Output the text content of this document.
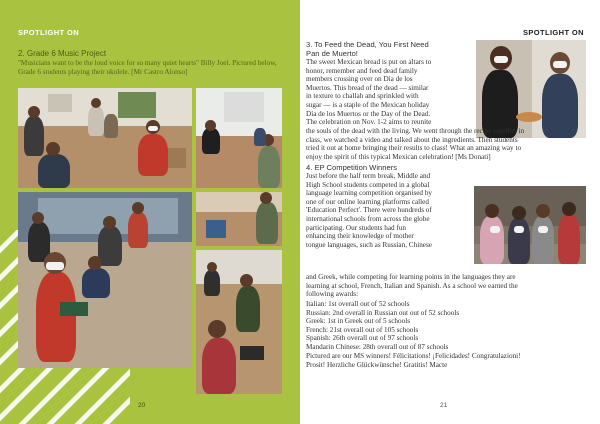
SPOTLIGHT ON
2. Grade 6 Music Project
"Musicians want to be the loud voice for so many quiet hearts" Billy Joel. Pictured below, Grade 6 students playing their ukulele. [Mr Castro Alonso]
20
SPOTLIGHT ON
3. To Feed the Dead, You First Need
Pan de Muerto!
The sweet Mexican bread is put on altars to
honor, remember and feed dead family
members crossing over on Día de los
Muertos. This bread of the dead — similar
in texture to challah and sprinkled with
sugar — is a staple of the Mexican holiday
Día de los Muertos or the Day of the Dead.
The celebration on Nov. 1-2 aims to reunite
the souls of the dead with the living. We went through the recipe together in
class, we watched a video and talked about the ingredients. Then students
tried it out at home bringing their results to class! What an amazing way to
enjoy the spirit of this typical Mexican celebration! [Ms Donati]
4. EP Competition Winners
Just before the half term break, Middle and
High School students competed in a global
language learning competition organised by
one of our online learning platforms called
'Education Perfect'. There were hundreds of
international schools from across the globe
participating. Our students had fun
enhancing their knowledge of mother
tongue languages, such as Russian, Chinese
and Greek, while competing for learning points in the languages they are
learning at school, French, Italian and Spanish. As a school we earned the
following awards:
Italian: 1st overall out of 52 schools
Russian: 2nd overall in Russian out out of 52 schools
Greek: 1st in Greek out of 5 schools
French: 21st overall out of 105 schools
Spanish: 26th overall out of 97 schools
Mandarin Chinese: 28th overall out of 87 schools
Pictured are our MS winners! Félicitations! ¡Felicidades! Congratulazioni!
Prosit! Herzliche Glückwünsche! Gratitis! Macte
21
